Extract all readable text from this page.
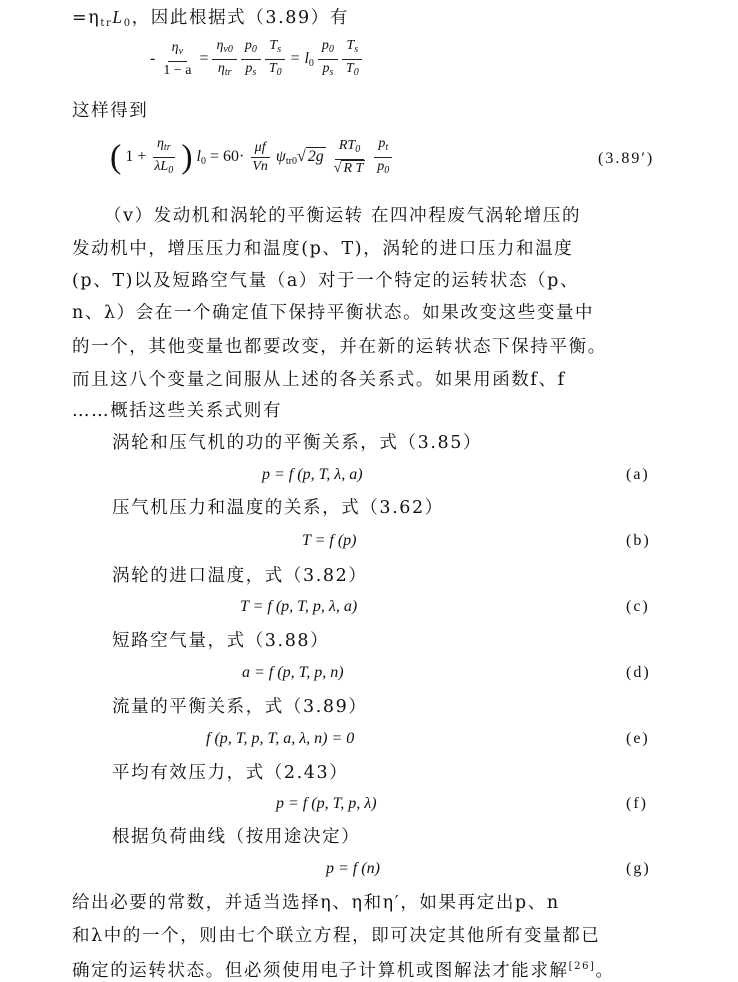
$=\eta_{tr}L_0$，因此根据式（3.89）有
- $\frac{\eta_v}{1 - a} = \frac{\eta_{v0}}{\eta_{tr}}$
$\frac{p_0}{p_s}$
$\frac{T_s}{T_0} = l_0 \frac{p_0}{p_s}$
$\frac{T_s}{T_0}$
这样得到
( $1 + \frac{\eta_{tr}}{\lambda L_0}$ ) $l_0 = 60\cdot \frac{\mu f}{Vn} \psi_{tr0}√$ $2g \frac{RT_0}{\text{√ R T}}$
$\frac{p_t}{p_0}$	(3.89′)
（v）发动机和涡轮的平衡运转 在四冲程废气涡轮增压的
发动机中，增压压力和温度(p、T)，涡轮的进口压力和温度
(p、T)以及短路空气量（a）对于一个特定的运转状态（p、
n、λ）会在一个确定值下保持平衡状态。如果改变这些变量中
的一个，其他变量也都要改变，并在新的运转状态下保持平衡。
而且这八个变量之间服从上述的各关系式。如果用函数f、f
……概括这些关系式则有
涡轮和压气机的功的平衡关系，式（3.85）
p = f (p, T, λ, a)	(a)
压气机压力和温度的关系，式（3.62）
T = f (p)	(b)
涡轮的进口温度，式（3.82）
T = f (p, T, p, λ, a)	(c)
短路空气量，式（3.88）
a = f (p, T, p, n)	(d)
流量的平衡关系，式（3.89）
f (p, T, p, T, a, λ, n) = 0	(e)
平均有效压力，式（2.43）
p = f (p, T, p, λ)	(f)
根据负荷曲线（按用途决定）
p = f (n)	(g)
给出必要的常数，并适当选择η、η和η′，如果再定出p、n
和λ中的一个，则由七个联立方程，即可决定其他所有变量都已
确定的运转状态。但必须使用电子计算机或图解法才能求解[26]。
